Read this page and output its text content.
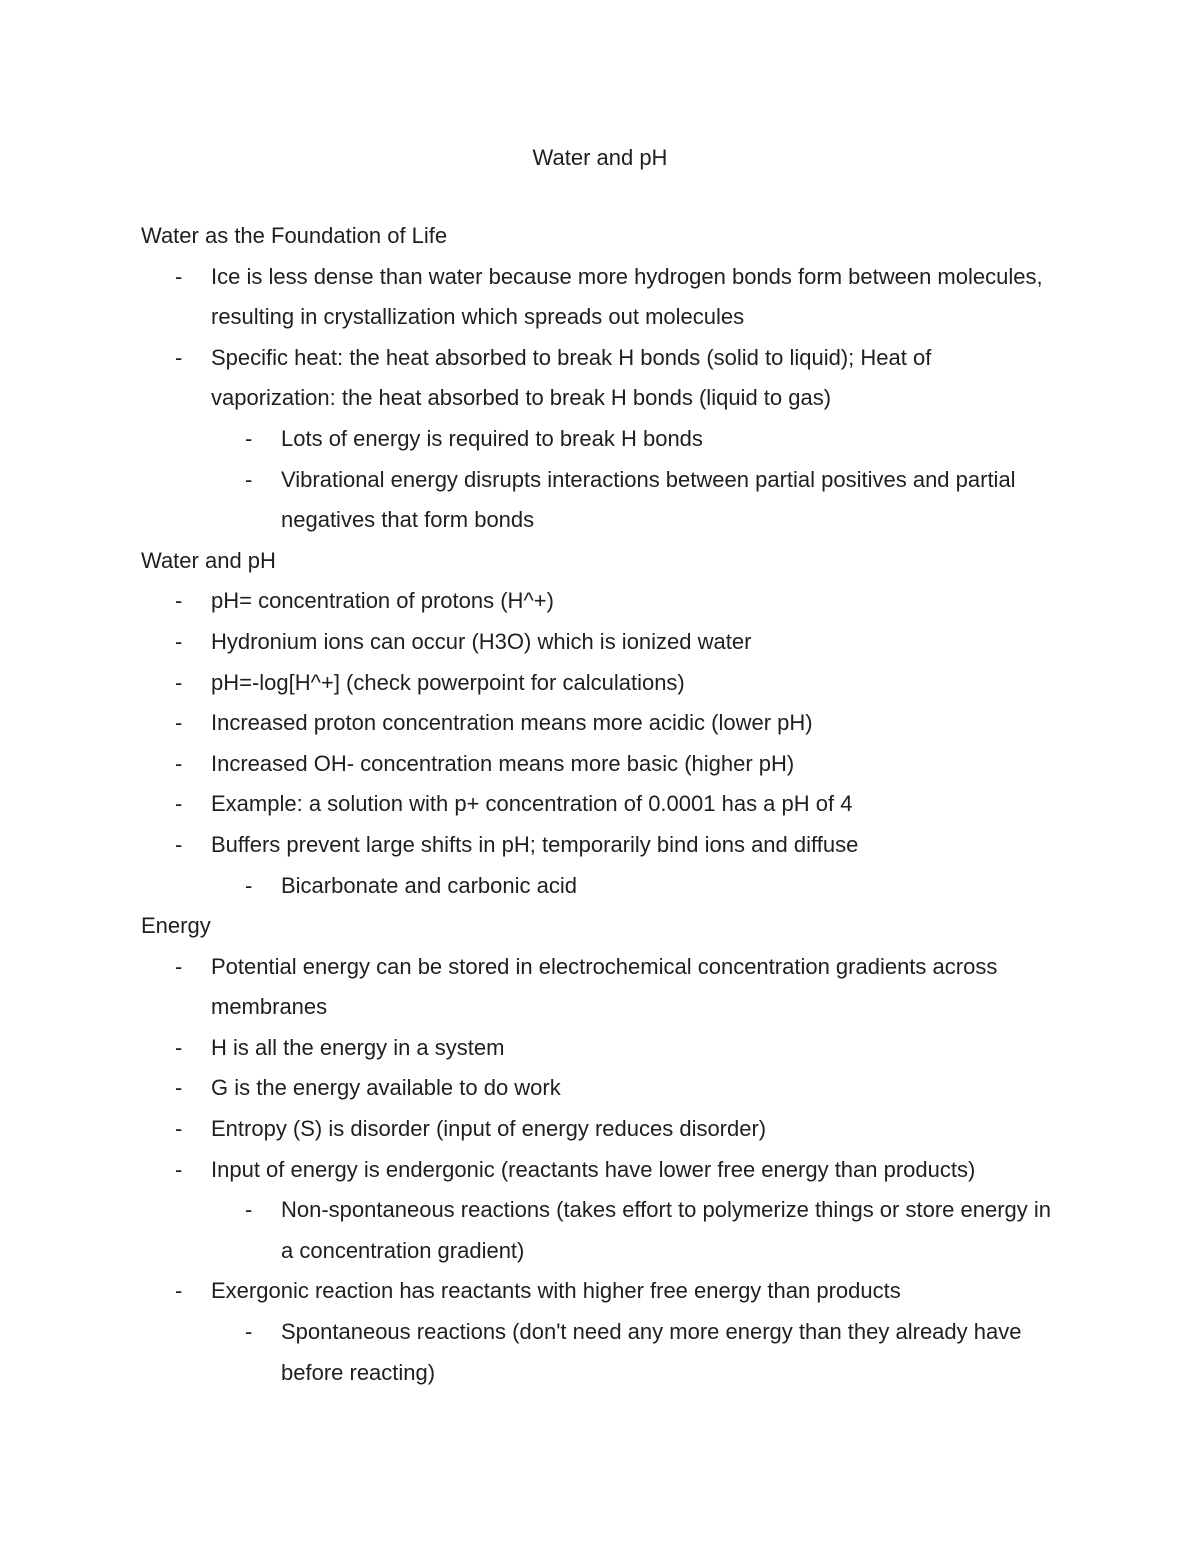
Water and pH
Water as the Foundation of Life
-	Ice is less dense than water because more hydrogen bonds form between molecules, resulting in crystallization which spreads out molecules
-	Specific heat: the heat absorbed to break H bonds (solid to liquid); Heat of vaporization: the heat absorbed to break H bonds (liquid to gas)
-	Lots of energy is required to break H bonds
-	Vibrational energy disrupts interactions between partial positives and partial negatives that form bonds
Water and pH
-	pH= concentration of protons (H^+)
-	Hydronium ions can occur (H3O) which is ionized water
-	pH=-log[H^+] (check powerpoint for calculations)
-	Increased proton concentration means more acidic (lower pH)
-	Increased OH- concentration means more basic (higher pH)
-	Example: a solution with p+ concentration of 0.0001 has a pH of 4
-	Buffers prevent large shifts in pH; temporarily bind ions and diffuse
-	Bicarbonate and carbonic acid
Energy
-	Potential energy can be stored in electrochemical concentration gradients across membranes
-	H is all the energy in a system
-	G is the energy available to do work
-	Entropy (S) is disorder (input of energy reduces disorder)
-	Input of energy is endergonic (reactants have lower free energy than products)
-	Non-spontaneous reactions (takes effort to polymerize things or store energy in a concentration gradient)
-	Exergonic reaction has reactants with higher free energy than products
-	Spontaneous reactions (don't need any more energy than they already have before reacting)
